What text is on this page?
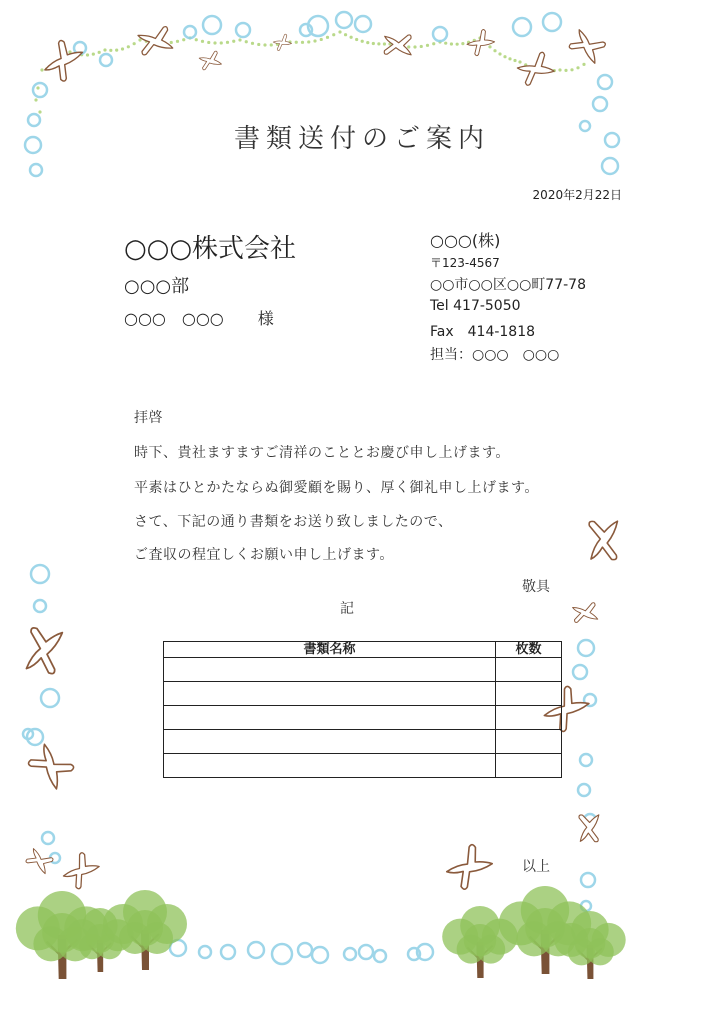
書類送付のご案内
2020年2月22日
○○○株式会社
○○○部
○○○　○○○ 様
○○○(株)
〒123-4567
○○市○○区○○町77-78
Tel 417-5050
Fax　414-1818
担当：○○○　○○○
拝啓
時下、貴社ますますご清祥のこととお慶び申し上げます。
平素はひとかたならぬ御愛顧を賜り、厚く御礼申し上げます。
さて、下記の通り書類をお送り致しましたので、
ご査収の程宜しくお願い申し上げます。
敬具
記
書類名称	枚数

以上
